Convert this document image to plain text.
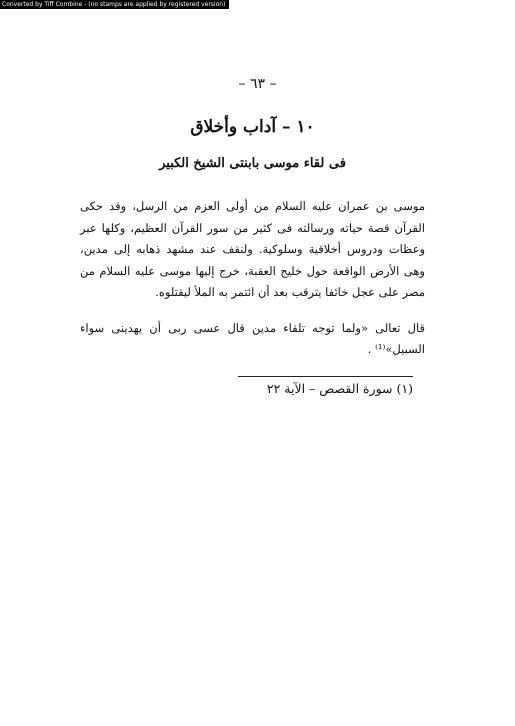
Converted by Tiff Combine - (no stamps are applied by registered version)
– ٦٣ –
١٠ – آداب وأخلاق
فى لقاء موسى بابنتى الشيخ الكبير

موسى بن عمران عليه السلام من أولى العزم من الرسل، وقد حكى القرآن قصة حياته ورسالته فى كثير من سور القرآن العظيم، وكلها عبر وعظات ودروس أخلاقية وسلوكية. ولنقف عند مشهد ذهابه إلى مدين، وهى الأرض الواقعة حول خليج العقبة، خرج إليها موسى عليه السلام من مصر على عجل خائفا يترقب بعد أن ائتمر به الملأ ليقتلوه.

قال تعالى «ولما توجه تلقاء مدين قال عسى ربى أن يهدينى سواء السبيل»⁽¹⁾ .

(١) سورة القصص – الآية ٢٢
